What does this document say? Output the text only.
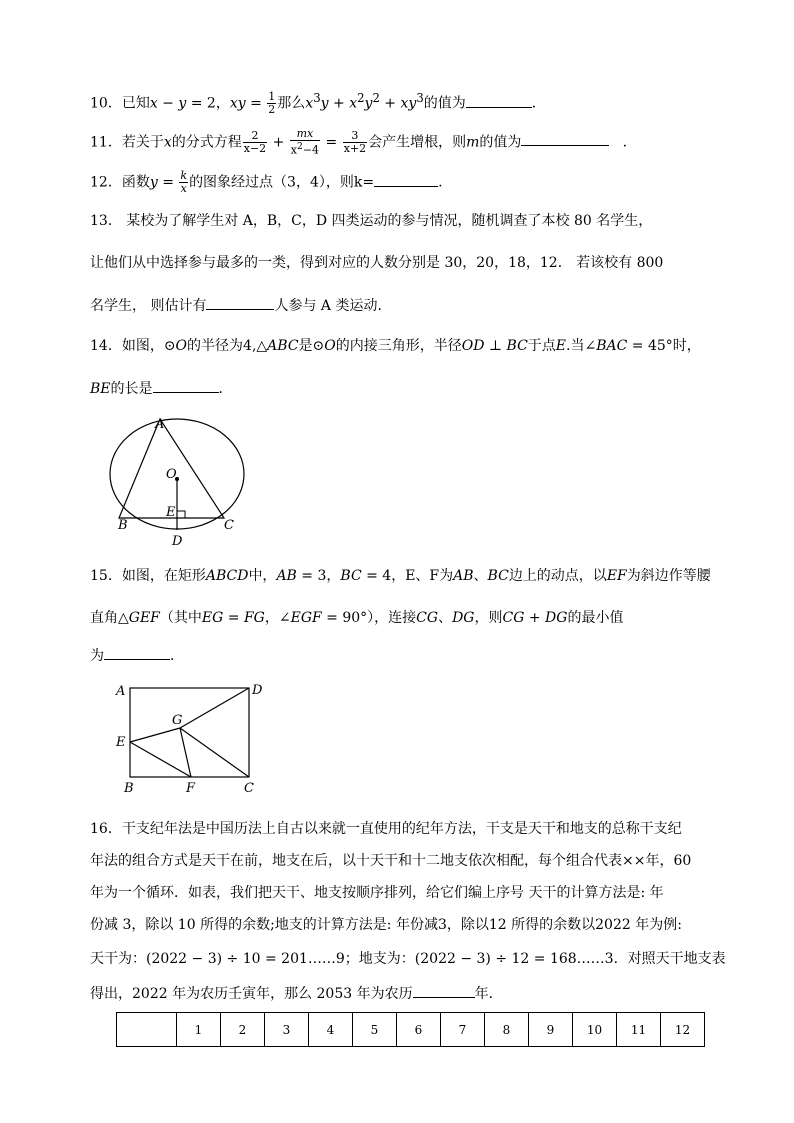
10．已知x − y = 2，xy = $\frac{1}{2}$ 那么$x^3y + x^2y^2 + xy^3$的值为	．
11．若关于x的分式方程 $\frac{2}{x-2} + \frac{mx}{x^2-4} = \frac{3}{x+2}$ 会产生增根，则m的值为	．
12．函数$y = \frac{k}{x}$ 的图象经过点（3，4），则k=	.
13． 某校为了解学生对 A，B，C，D 四类运动的参与情况，随机调查了本校 80 名学生，
让他们从中选择参与最多的一类，得到对应的人数分别是 30，20，18，12． 若该校有 800
名学生， 则估计有	人参与 A 类运动．
14．如图，⊙O的半径为4,△ABC是⊙O的内接三角形，半径OD ⊥ BC于点E.当∠BAC = 45°时，
BE的长是	．
A
O
B
E
C
D
15．如图，在矩形ABCD中，AB = 3，BC = 4，E、F为AB、BC边上的动点，以EF为斜边作等腰
直角△GEF（其中EG = FG，∠EGF = 90°），连接CG、DG，则CG + DG的最小值
为	．
A	D
G
E
B	F	C
16．干支纪年法是中国历法上自古以来就一直使用的纪年方法，干支是天干和地支的总称干支纪
年法的组合方式是天干在前，地支在后，以十天干和十二地支依次相配，每个组合代表××年，60
年为一个循环．如表，我们把天干、地支按顺序排列，给它们编上序号 天干的计算方法是: 年
份减 3，除以 10 所得的余数;地支的计算方法是: 年份减3，除以12 所得的余数以2022 年为例:
天干为：(2022 − 3) ÷ 10 = 201……9；地支为：(2022 − 3) ÷ 12 = 168……3．对照天干地支表
得出，2022 年为农历壬寅年，那么 2053 年为农历	年．
	1	2	3	4	5	6	7	8	9	10	11	12
